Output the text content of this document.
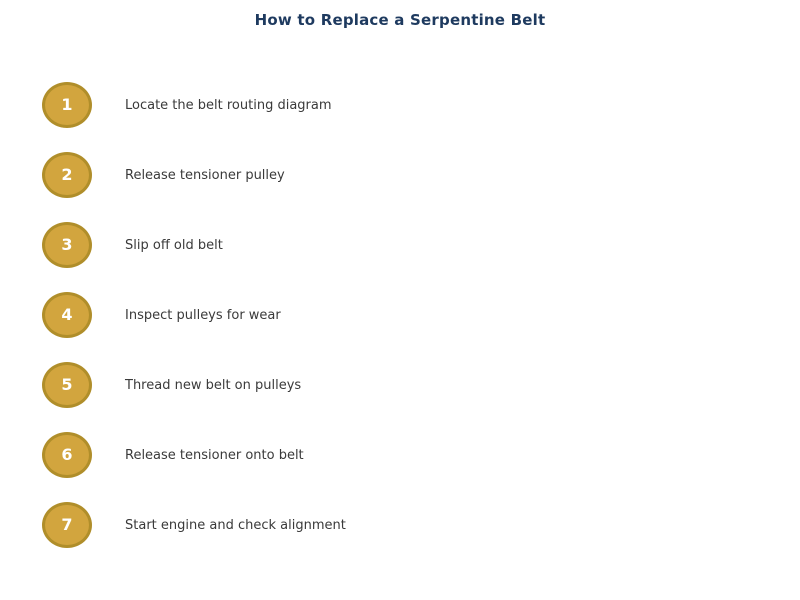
How to Replace a Serpentine Belt
1	Locate the belt routing diagram
2	Release tensioner pulley
3	Slip off old belt
4	Inspect pulleys for wear
5	Thread new belt on pulleys
6	Release tensioner onto belt
7	Start engine and check alignment
